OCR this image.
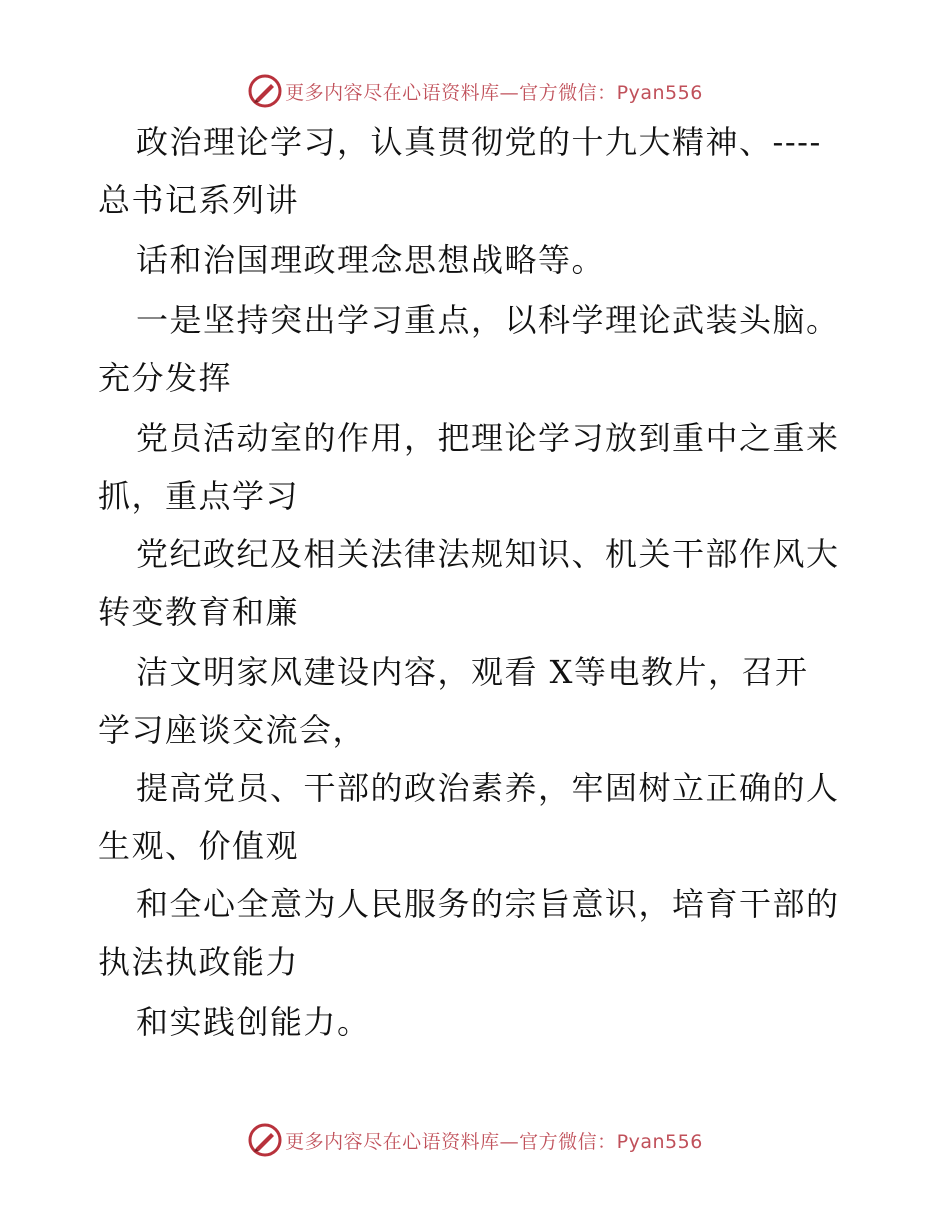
更多内容尽在心语资料库—官方微信：Pyan556
政治理论学习，认真贯彻党的十九大精神、----
总书记系列讲
话和治国理政理念思想战略等。
一是坚持突出学习重点，以科学理论武装头脑。
充分发挥
党员活动室的作用，把理论学习放到重中之重来
抓，重点学习
党纪政纪及相关法律法规知识、机关干部作风大
转变教育和廉
洁文明家风建设内容，观看 X等电教片，召开
学习座谈交流会，
提高党员、干部的政治素养，牢固树立正确的人
生观、价值观
和全心全意为人民服务的宗旨意识，培育干部的
执法执政能力
和实践创能力。
更多内容尽在心语资料库—官方微信：Pyan556
